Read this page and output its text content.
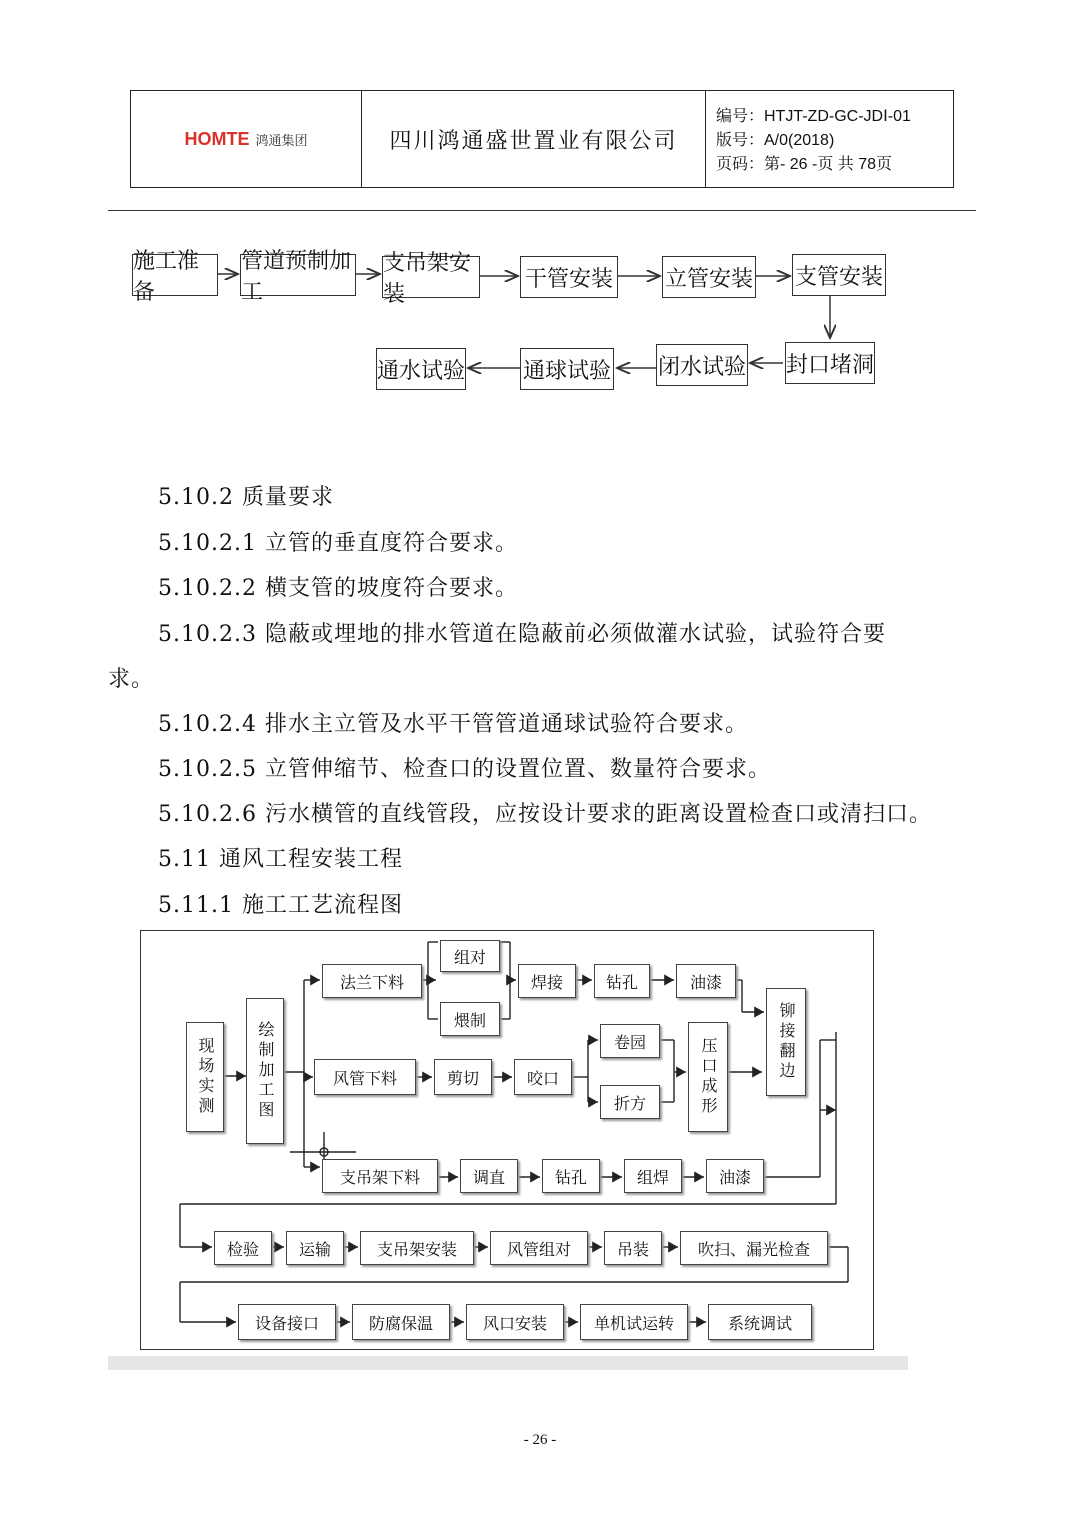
HOMTE 鸿通集团	四川鸿通盛世置业有限公司
编号：HTJT-ZD-GC-JDⅠ-01
版号：A/0(2018)
页码：第- 26 -页 共 78页
施工准备
管道预制加工
支吊架安装
干管安装 立管安装 支管安装
通水试验	通球试验 闭水试验 封口堵洞
5.10.2 质量要求
5.10.2.1 立管的垂直度符合要求。
5.10.2.2 横支管的坡度符合要求。
5.10.2.3 隐蔽或埋地的排水管道在隐蔽前必须做灌水试验，试验符合要
求。
5.10.2.4 排水主立管及水平干管管道通球试验符合要求。
5.10.2.5 立管伸缩节、检查口的设置位置、数量符合要求。
5.10.2.6 污水横管的直线管段，应按设计要求的距离设置检查口或清扫口。
5.11 通风工程安装工程
5.11.1 施工工艺流程图
现场实测	绘制加工图
法兰下料
组对
煨制
焊接	钻孔	油漆
风管下料	剪切	咬口
卷园
折方	压口成形	铆接翻边
支吊架下料	调直	钻孔	组焊	油漆
检验	运输	支吊架安装	风管组对	吊装	吹扫、漏光检查
设备接口	防腐保温	风口安装	单机试运转	系统调试
- 26 -
